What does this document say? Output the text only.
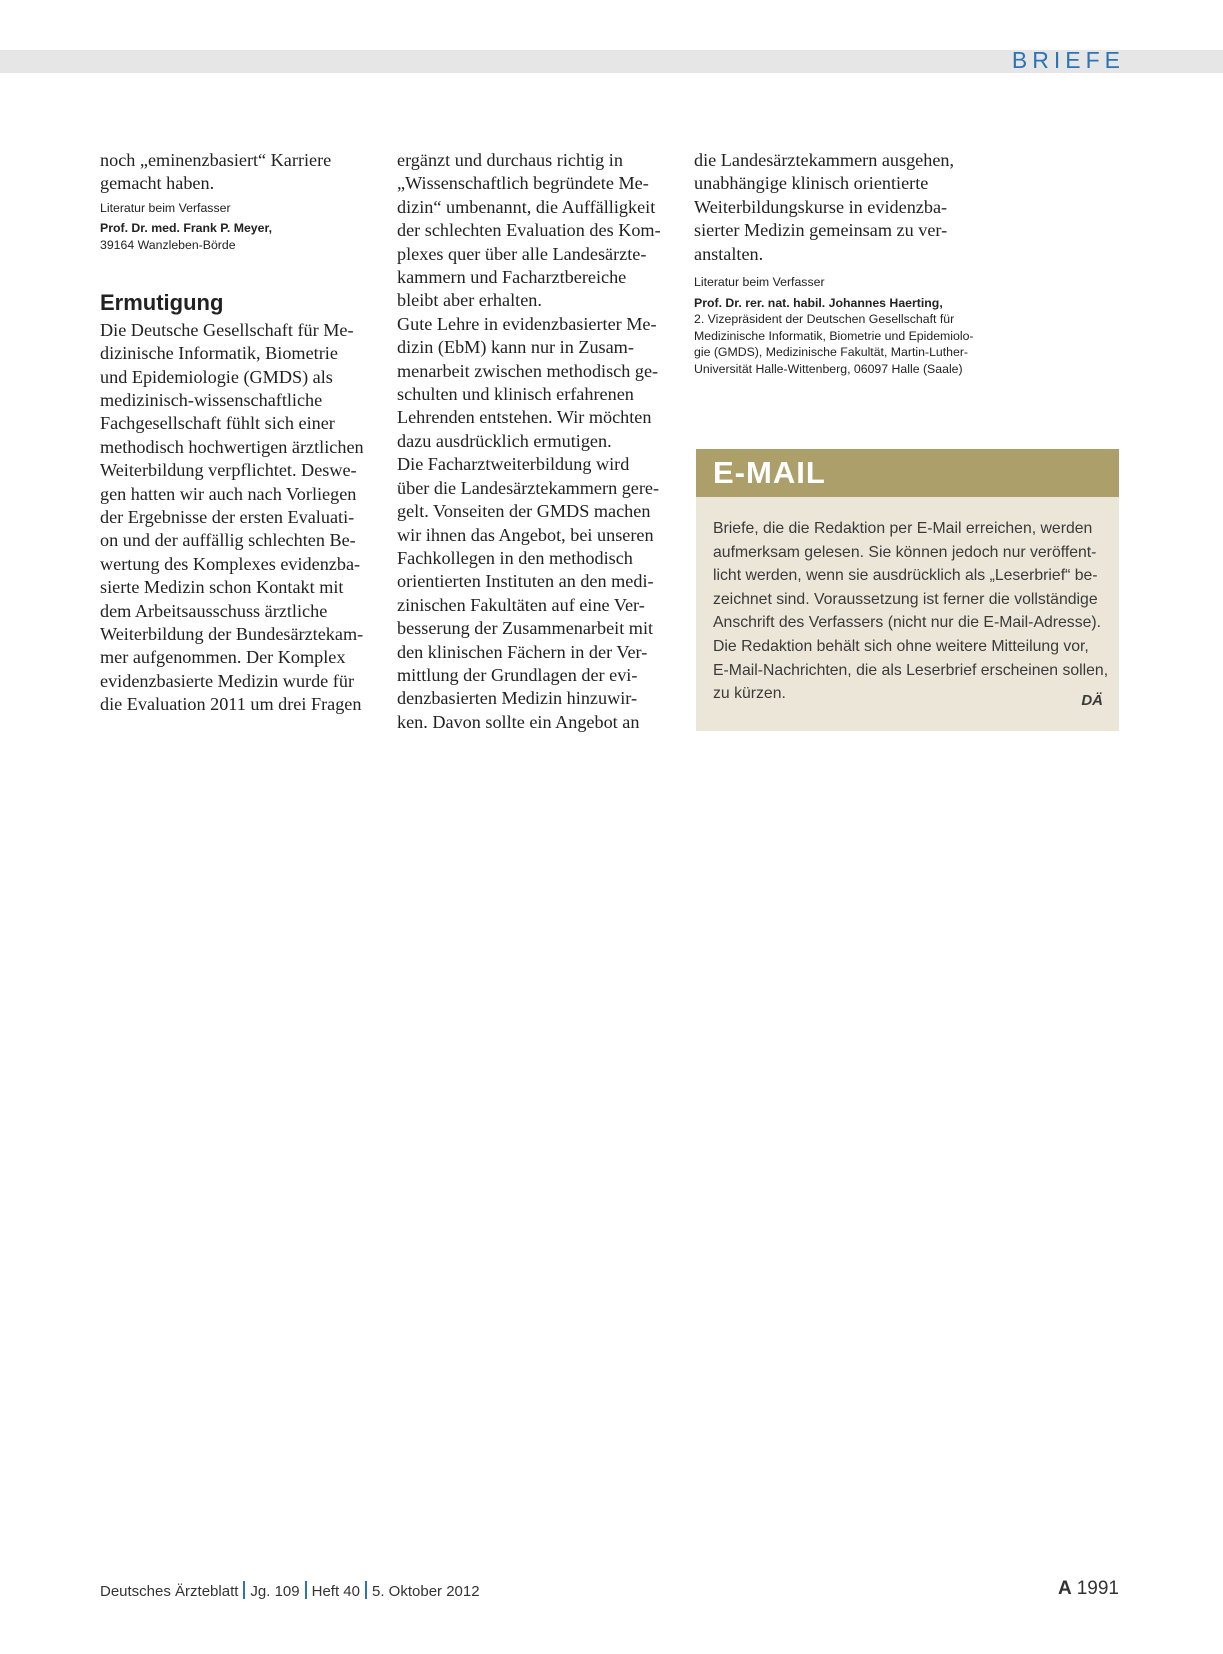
BRIEFE
noch „eminenzbasiert“ Karriere
gemacht haben.
Literatur beim Verfasser
Prof. Dr. med. Frank P. Meyer,
39164 Wanzleben-Börde
Ermutigung
Die Deutsche Gesellschaft für Me-
dizinische Informatik, Biometrie
und Epidemiologie (GMDS) als
medizinisch-wissenschaftliche
Fachgesellschaft fühlt sich einer
methodisch hochwertigen ärztlichen
Weiterbildung verpflichtet. Deswe-
gen hatten wir auch nach Vorliegen
der Ergebnisse der ersten Evaluati-
on und der auffällig schlechten Be-
wertung des Komplexes evidenzba-
sierte Medizin schon Kontakt mit
dem Arbeitsausschuss ärztliche
Weiterbildung der Bundesärztekam-
mer aufgenommen. Der Komplex
evidenzbasierte Medizin wurde für
die Evaluation 2011 um drei Fragen
ergänzt und durchaus richtig in
„Wissenschaftlich begründete Me-
dizin“ umbenannt, die Auffälligkeit
der schlechten Evaluation des Kom-
plexes quer über alle Landesärzte-
kammern und Facharztbereiche
bleibt aber erhalten.
Gute Lehre in evidenzbasierter Me-
dizin (EbM) kann nur in Zusam-
menarbeit zwischen methodisch ge-
schulten und klinisch erfahrenen
Lehrenden entstehen. Wir möchten
dazu ausdrücklich ermutigen.
Die Facharztweiterbildung wird
über die Landesärztekammern gere-
gelt. Vonseiten der GMDS machen
wir ihnen das Angebot, bei unseren
Fachkollegen in den methodisch
orientierten Instituten an den medi-
zinischen Fakultäten auf eine Ver-
besserung der Zusammenarbeit mit
den klinischen Fächern in der Ver-
mittlung der Grundlagen der evi-
denzbasierten Medizin hinzuwir-
ken. Davon sollte ein Angebot an
die Landesärztekammern ausgehen,
unabhängige klinisch orientierte
Weiterbildungskurse in evidenzba-
sierter Medizin gemeinsam zu ver-
anstalten.
Literatur beim Verfasser
Prof. Dr. rer. nat. habil. Johannes Haerting,
2. Vizepräsident der Deutschen Gesellschaft für
Medizinische Informatik, Biometrie und Epidemiolo-
gie (GMDS), Medizinische Fakultät, Martin-Luther-
Universität Halle-Wittenberg, 06097 Halle (Saale)
E-MAIL
Briefe, die die Redaktion per E-Mail erreichen, werden
aufmerksam gelesen. Sie können jedoch nur veröffent-
licht werden, wenn sie ausdrücklich als „Leserbrief“ be-
zeichnet sind. Voraussetzung ist ferner die vollständige
Anschrift des Verfassers (nicht nur die E-Mail-Adresse).
Die Redaktion behält sich ohne weitere Mitteilung vor,
E-Mail-Nachrichten, die als Leserbrief erscheinen sollen,
zu kürzen.	DÄ
Deutsches Ärzteblatt Jg. 109 Heft 40 5. Oktober 2012	A 1991
